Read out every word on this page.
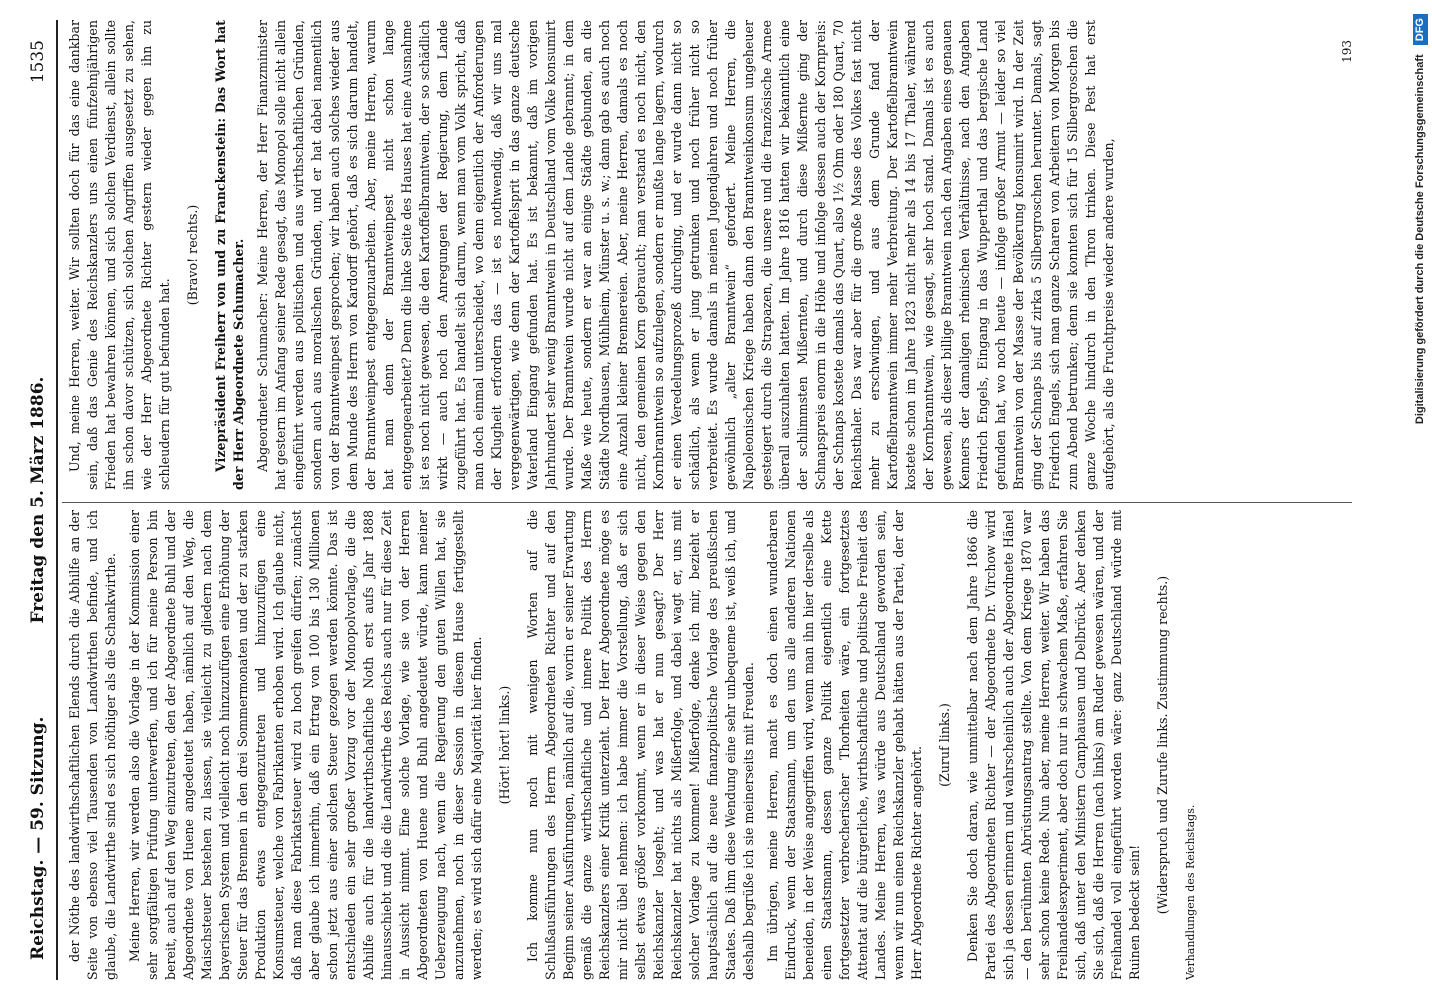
Reichstag. — 59. Sitzung.
Freitag den 5. März 1886.
1535

der Nöthe des landwirthschaftlichen Elends durch die Abhilfe an der Seite von ebenso viel Tausenden von Landwirthen befinde, und ich glaube, die Landwirthe sind es sich nöthiger als die Schankwirthe. Meine Herren, wir werden also die Vorlage in der Kommission einer sehr sorgfältigen Prüfung unterwerfen, und ich für meine Person bin bereit, auch auf den Weg einzutreten, den der Abgeordnete Buhl und der Abgeordnete von Huene angedeutet haben, nämlich auf den Weg, die Maischsteuer bestehen zu lassen, sie vielleicht zu gliedern nach dem bayerischen System und vielleicht noch hinzuzufügen eine Erhöhung der Steuer für das Brennen in den drei Sommermonaten und der zu starken Produktion etwas entgegenzutreten und hinzuzufügen eine Konsumsteuer, welche von Fabrikanten erhoben wird. Ich glaube nicht, daß man diese Fabrikatsteuer wird zu hoch greifen dürfen; zunächst aber glaube ich immerhin, daß ein Ertrag von 100 bis 130 Millionen schon jetzt aus einer solchen Steuer gezogen werden könnte. Das ist entschieden ein sehr großer Vorzug vor der Monopolvorlage, die die Abhilfe auch für die landwirthschaftliche Noth erst aufs Jahr 1888 hinausschiebt und die die Landwirthe des Reichs auch nur für diese Zeit in Aussicht nimmt. Eine solche Vorlage, wie sie von der Herren Abgeordneten von Huene und Buhl angedeutet würde, kann meiner Ueberzeugung nach, wenn die Regierung den guten Willen hat, sie anzunehmen, noch in dieser Session in diesem Hause fertiggestellt werden; es wird sich dafür eine Majorität hier finden. (Hört! hört! links.) Ich komme nun noch mit wenigen Worten auf die Schlußausführungen des Herrn Abgeordneten Richter und auf den Beginn seiner Ausführungen, nämlich auf die, worin er seiner Erwartung gemäß die ganze wirthschaftliche und innere Politik des Herrn Reichskanzlers einer Kritik unterzieht. Der Herr Abgeordnete möge es mir nicht übel nehmen: ich habe immer die Vorstellung, daß er sich selbst etwas größer vorkommt, wenn er in dieser Weise gegen den Reichskanzler losgeht; und was hat er nun gesagt? Der Herr Reichskanzler hat nichts als Mißerfolge, und dabei wagt er, uns mit solcher Vorlage zu kommen! Mißerfolge, denke ich mir, bezieht er hauptsächlich auf die neue finanzpolitische Vorlage des preußischen Staates. Daß ihm diese Wendung eine sehr unbequeme ist, weiß ich, und deshalb begrüße ich sie meinerseits mit Freuden. Im übrigen, meine Herren, macht es doch einen wunderbaren Eindruck, wenn der Staatsmann, um den uns alle anderen Nationen beneiden, in der Weise angegriffen wird, wenn man ihn hier derselbe als einen Staatsmann, dessen ganze Politik eigentlich eine Kette fortgesetzter verbrecherischer Thorheiten wäre, ein fortgesetztes Attentat auf die bürgerliche, wirthschaftliche und politische Freiheit des Landes. Meine Herren, was würde aus Deutschland geworden sein, wenn wir nun einen Reichskanzler gehabt hätten aus der Partei, der der Herr Abgeordnete Richter angehört.

(Zuruf links.) Denken Sie doch daran, wie unmittelbar nach dem Jahre 1866 die Partei des Abgeordneten Richter — der Abgeordnete Dr. Virchow wird sich ja dessen erinnern und wahrscheinlich auch der Abgeordnete Hänel — den berühmten Abrüstungsantrag stellte. Von dem Kriege 1870 war sehr schon keine Rede. Nun aber, meine Herren, weiter. Wir haben das Freihandelsexperiment, aber doch nur in schwachem Maße, erfahren Sie sich, daß unter den Ministern Camphausen und Delbrück. Aber denken Sie sich, daß die Herren (nach links) am Ruder gewesen wären, und der Freihandel voll eingeführt worden wäre: ganz Deutschland würde mit Ruinen bedeckt sein! (Widerspruch und Zurufe links. Zustimmung rechts.) Verhandlungen des Reichstags.

Und, meine Herren, weiter. Wir sollten doch für das eine dankbar sein, daß das Genie des Reichskanzlers uns einen fünfzehnjährigen Frieden hat bewahren können, und sich solchen Verdienst, allein sollte ihn schon davor schützen, sich solchen Angriffen ausgesetzt zu sehen, wie der Herr Abgeordnete Richter gestern wieder gegen ihn zu schleudern für gut befunden hat.

(Bravo! rechts.) Vizepräsident Freiherr von und zu Franckenstein: Das Wort hat der Herr Abgeordnete Schumacher. Abgeordneter Schumacher: Meine Herren, der Herr Finanzminister hat gestern im Anfang seiner Rede gesagt, das Monopol solle nicht allein eingeführt werden aus politischen und aus wirthschaftlichen Gründen, sondern auch aus moralischen Gründen, und er hat dabei namentlich von der Branntweinpest gesprochen; wir haben auch solches wieder aus dem Munde des Herrn von Kardorff gehört, daß es sich darum handelt, der Branntweinpest entgegenzuarbeiten. Aber, meine Herren, warum hat man denn der Branntweinpest nicht schon lange entgegengearbeitet? Denn die linke Seite des Hauses hat eine Ausnahme ist es noch nicht gewesen, die den Kartoffelbranntwein, der so schädlich wirkt — auch noch den Anregungen der Regierung, dem Lande zugeführt hat. Es handelt sich darum, wenn man vom Volk spricht, daß man doch einmal unterscheidet, wo denn eigentlich der Anforderungen der Klugheit erfordern das — ist es nothwendig, daß wir uns mal vergegenwärtigen, wie denn der Kartoffelsprit in das ganze deutsche Vaterland Eingang gefunden hat. Es ist bekannt, daß im vorigen Jahrhundert sehr wenig Branntwein in Deutschland vom Volke konsumirt wurde. Der Branntwein wurde nicht auf dem Lande gebrannt; in dem Maße wie heute, sondern er war an einige Städte gebunden, an die Städte Nordhausen, Mühlheim, Münster u. s. w.; dann gab es auch noch eine Anzahl kleiner Brennereien. Aber, meine Herren, damals es noch nicht, den gemeinen Korn gebraucht; man verstand es noch nicht, den Kornbranntwein so aufzulegen, sondern er mußte lange lagern, wodurch er einen Veredelungsprozeß durchging, und er wurde dann nicht so schädlich, als wenn er jung getrunken und noch früher nicht so verbreitet. Es wurde damals in meinen Jugendjahren und noch früher gewöhnlich „alter Branntwein“ gefordert. Meine Herren, die Napoleonischen Kriege haben dann den Branntweinkonsum ungeheuer gesteigert durch die Strapazen, die unsere und die französische Armee überall auszuhalten hatten. Im Jahre 1816 hatten wir bekanntlich eine der schlimmsten Mißernten, und durch diese Mißernte ging der Schnapspreis enorm in die Höhe und infolge dessen auch der Kornpreis: der Schnaps kostete damals das Quart, also 1½ Ohm oder 180 Quart, 70 Reichsthaler. Das war aber für die große Masse des Volkes fast nicht mehr zu erschwingen, und aus dem Grunde fand der Kartoffelbranntwein immer mehr Verbreitung. Der Kartoffelbranntwein kostete schon im Jahre 1823 nicht mehr als 14 bis 17 Thaler, während der Kornbranntwein, wie gesagt, sehr hoch stand. Damals ist es auch gewesen, als dieser billige Branntwein nach den Angaben eines genauen Kenners der damaligen rheinischen Verhältnisse, nach den Angaben Friedrich Engels, Eingang in das Wupperthal und das bergische Land gefunden hat, wo noch heute — infolge großer Armut — leider so viel Branntwein von der Masse der Bevölkerung konsumirt wird. In der Zeit ging der Schnaps bis auf zirka 5 Silbergroschen herunter. Damals, sagt Friedrich Engels, sich man ganze Scharen von Arbeitern von Morgen bis zum Abend betrunken; denn sie konnten sich für 15 Silbergroschen die ganze Woche hindurch in den Thron trinken. Diese Pest hat erst aufgehört, als die Fruchtpreise wieder andere wurden,

193
Digitalisierung gefördert durch die Deutsche Forschungsgemeinschaft DFG
